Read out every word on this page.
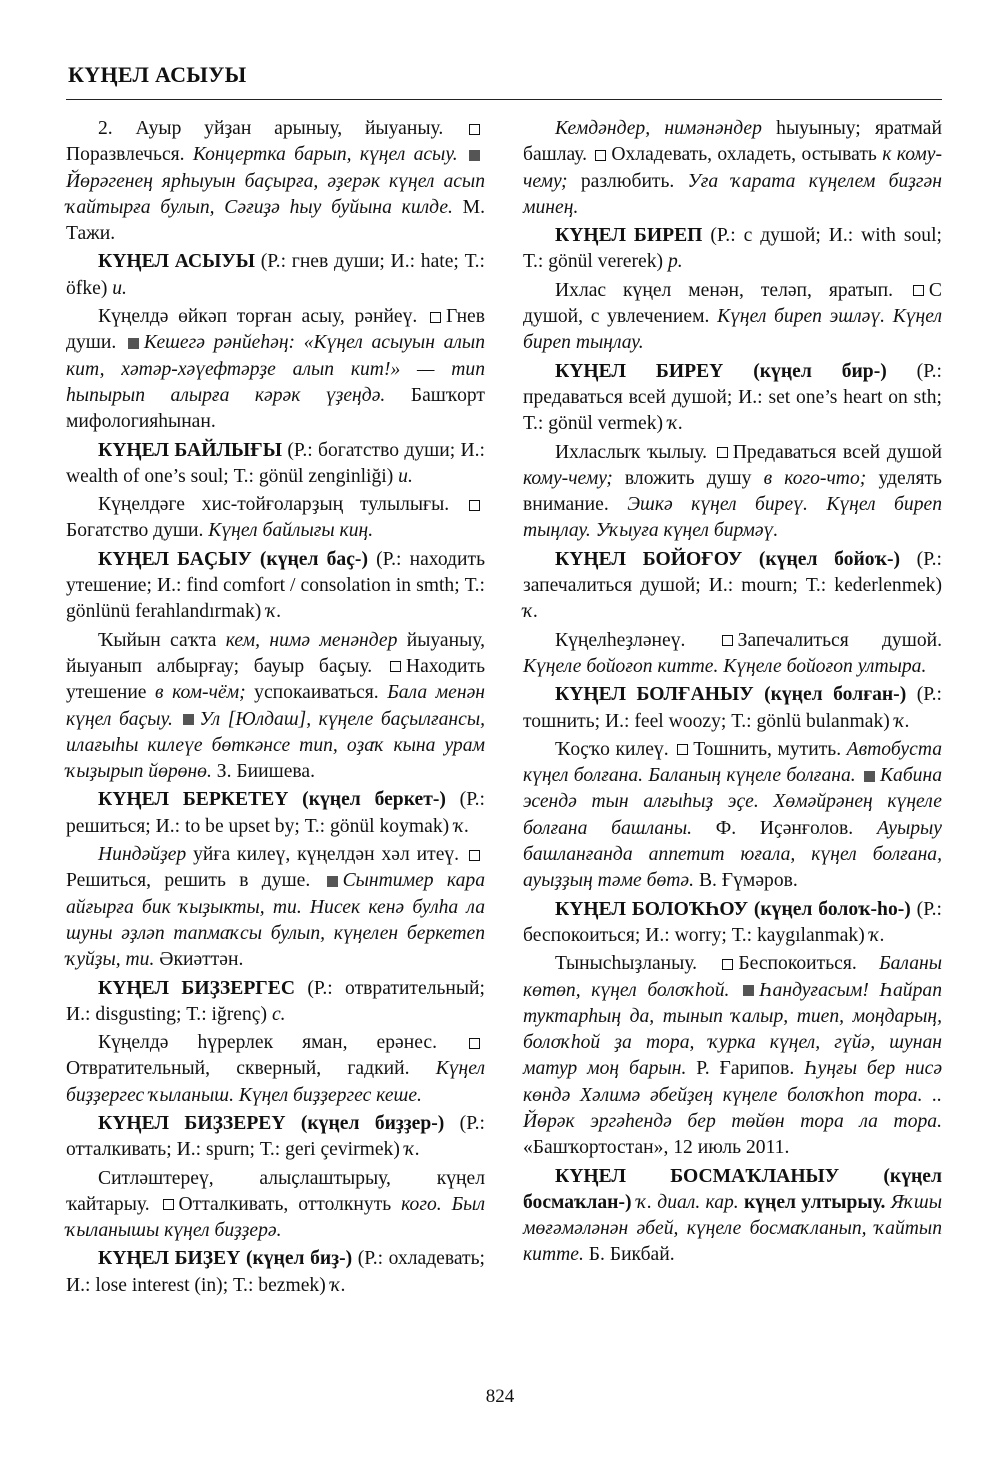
КҮҢЕЛ АСЫУЫ

2. Ауыр уйҙан арыныу, йыуаныу. Поразвлечься. Концертка барып, күңел асыу. Йөрәгенең ярһыуын баҫырға, әҙерәк күңел асып ҡайтырға булып, Сәғиҙә һыу буйына килде. М. Тажи.

КҮҢЕЛ АСЫУЫ (Р.: гнев души; И.: hate; Т.: öfke) и.

Күңелдә өйкәп торған асыу, рәнйеү. Гнев души. Кешегә рәнйеһәң: «Күңел асыуын алып кит, хәтәр-хәүефтәрҙе алып кит!» — тип һыпырып алырға кәрәк үҙеңдә. Башҡорт мифологияһынан.

КҮҢЕЛ БАЙЛЫҒЫ (Р.: богатство души; И.: wealth of one’s soul; Т.: gönül zenginliği) и.

Күңелдәге хис-тойғоларҙың тулылығы. Богатство души. Күңел байлығы киң.

КҮҢЕЛ БАҪЫУ (күңел баҫ-) (Р.: находить утешение; И.: find comfort / consolation in smth; Т.: gönlünü ferahlandırmak) ҡ.

Ҡыйын саҡта кем, нимә менәндер йыуаныу, йыуанып албырғау; бауыр баҫыу. Находить утешение в ком-чём; успокаиваться. Бала менән күңел баҫыу. Ул [Юлдаш], күңеле баҫылғансы, илағыһы килеүе бөткәнсе тип, оҙаҡ кына урам ҡыҙырып йөрөнө. З. Биишева.

КҮҢЕЛ БЕРКЕТЕҮ (күңел беркет-) (Р.: решиться; И.: to be upset by; Т.: gönül koymak) ҡ.

Ниндәйҙер уйға килеү, күңелдән хәл итеү. Решиться, решить в душе. Сынтимер кара айғырға бик ҡыҙыкты, ти. Нисек кенә булһа ла шуны әҙләп тапмаҡсы булып, күңелен беркетеп ҡуйҙы, ти. Әкиәттән.

КҮҢЕЛ БИҘЗЕРГЕС (Р.: отвратительный; И.: disgusting; Т.: iğrenç) с.

Күңелдә һүрерлек яман, ерәнес. Отвратительный, скверный, гадкий. Күңел биҙҙергес ҡыланыш. Күңел биҙҙергес кеше.

КҮҢЕЛ БИҘЗЕРЕҮ (күңел биҙҙер-) (Р.: отталкивать; И.: spurn; Т.: geri çevirmek) ҡ.

Ситләштереү, алыҫлаштырыу, күңел ҡайтарыу. Отталкивать, оттолкнуть кого. Был ҡыланышы күңел биҙҙерә.

КҮҢЕЛ БИҘЕҮ (күңел биҙ-) (Р.: охладевать; И.: lose interest (in); Т.: bezmek) ҡ.

Кемдәндер, нимәнәндер һыуыныу; яратмай башлау. Охладевать, охладеть, остывать к кому-чему; разлюбить. Уға ҡарата күңелем биҙгән минең.

КҮҢЕЛ БИРЕП (Р.: с душой; И.: with soul; Т.: gönül vererek) р.

Ихлас күңел менән, теләп, яратып. С душой, с увлечением. Күңел биреп эшләү. Күңел биреп тыңлау.

КҮҢЕЛ БИРЕҮ (күңел бир-) (Р.: предаваться всей душой; И.: set one’s heart on sth; Т.: gönül vermek) ҡ.

Ихласлыҡ ҡылыу. Предаваться всей душой кому-чему; вложить душу в кого-что; уделять внимание. Эшкә күңел биреү. Күңел биреп тыңлау. Уҡыуға күңел бирмәү.

КҮҢЕЛ БОЙОҒОУ (күңел бойоҡ-) (Р.: запечалиться душой; И.: mourn; Т.: kederlenmek) ҡ.

Күңелһеҙләнеү.	Запечалиться душой. Күңеле бойоғоп китте. Күңеле бойоғоп ултыра.

КҮҢЕЛ БОЛҒАНЫУ (күңел болған-) (Р.: тошнить; И.: feel woozy; Т.: gönlü bulanmak) ҡ.

Ҡоҫҡо килеү. Тошнить, мутить. Автобуста күңел болғана. Баланың күңеле болғана. Кабина эсендә тын алғыһыҙ эҫе. Хөмәйрәнең күңеле болғана башланы. Ф. Иҫәнғолов. Ауырыу башланғанда аппетит юғала, күңел болғана, ауыҙҙың тәме бөтә. В. Ғүмәров.

КҮҢЕЛ БОЛОҠҺОУ (күңел болоҡ-ho-) (Р.: беспокоиться; И.: worry; Т.: kaygılanmak) ҡ.

Тынысһыҙланыу. Беспокоиться. Баланы көтөп, күңел болоҡһой. Һандуғасым! Һайрап туктарһың да, тынып ҡалыр, тиеп, моңдарың, болоҡһой ҙа тора, ҡурка күңел, гүйә, шунан матур моң барын. Р. Ғарипов. Һуңғы бер нисә көндә Хәлимә әбейҙең күңеле болоҡһоп тора. .. Йөрәк эргәһендә бер төйөн тора ла тора. «Башҡортостан», 12 июль 2011.

КҮҢЕЛ БОСМАҠЛАНЫУ (күңел босмаҡлан-) ҡ. диал. кар. күңел ултырыу. Яҡшы мөғәмәләнән әбей, күңеле босмаҡланып, ҡайтып китте. Б. Бикбай.

824
